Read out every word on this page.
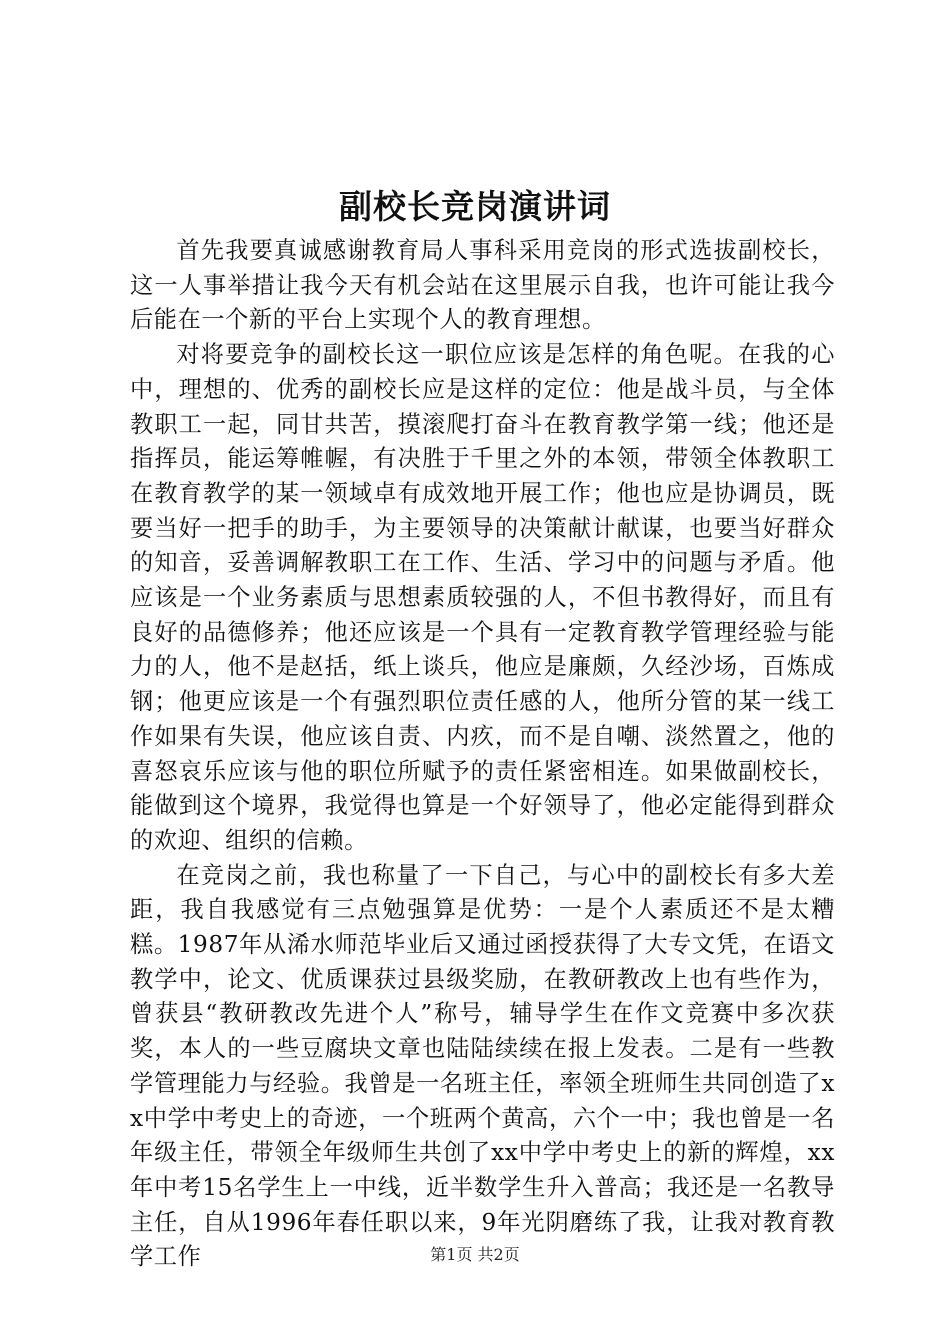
副校长竞岗演讲词

首先我要真诚感谢教育局人事科采用竞岗的形式选拔副校长，这一人事举措让我今天有机会站在这里展示自我，也许可能让我今后能在一个新的平台上实现个人的教育理想。

对将要竞争的副校长这一职位应该是怎样的角色呢。在我的心中，理想的、优秀的副校长应是这样的定位：他是战斗员，与全体教职工一起，同甘共苦，摸滚爬打奋斗在教育教学第一线；他还是指挥员，能运筹帷幄，有决胜于千里之外的本领，带领全体教职工在教育教学的某一领域卓有成效地开展工作；他也应是协调员，既要当好一把手的助手，为主要领导的决策献计献谋，也要当好群众的知音，妥善调解教职工在工作、生活、学习中的问题与矛盾。他应该是一个业务素质与思想素质较强的人，不但书教得好，而且有良好的品德修养；他还应该是一个具有一定教育教学管理经验与能力的人，他不是赵括，纸上谈兵，他应是廉颇，久经沙场，百炼成钢；他更应该是一个有强烈职位责任感的人，他所分管的某一线工作如果有失误，他应该自责、内疚，而不是自嘲、淡然置之，他的喜怒哀乐应该与他的职位所赋予的责任紧密相连。如果做副校长，能做到这个境界，我觉得也算是一个好领导了，他必定能得到群众的欢迎、组织的信赖。

在竞岗之前，我也称量了一下自己，与心中的副校长有多大差距，我自我感觉有三点勉强算是优势：一是个人素质还不是太糟糕。1987年从浠水师范毕业后又通过函授获得了大专文凭，在语文教学中，论文、优质课获过县级奖励，在教研教改上也有些作为，曾获县“教研教改先进个人”称号，辅导学生在作文竞赛中多次获奖，本人的一些豆腐块文章也陆陆续续在报上发表。二是有一些教学管理能力与经验。我曾是一名班主任，率领全班师生共同创造了xx中学中考史上的奇迹，一个班两个黄高，六个一中；我也曾是一名年级主任，带领全年级师生共创了xx中学中考史上的新的辉煌，xx年中考15名学生上一中线，近半数学生升入普高；我还是一名教导主任，自从1996年春任职以来，9年光阴磨练了我，让我对教育教学工作	第1页 共2页
